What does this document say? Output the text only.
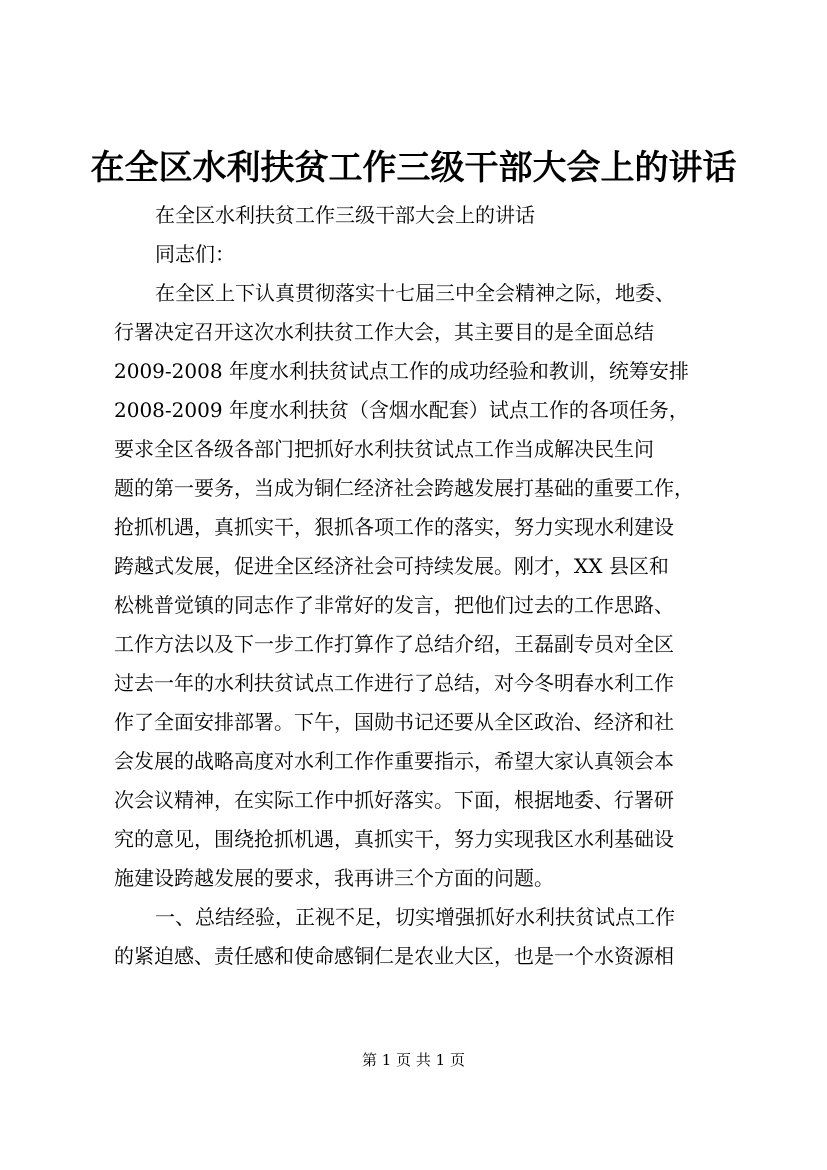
在全区水利扶贫工作三级干部大会上的讲话
在全区水利扶贫工作三级干部大会上的讲话
同志们：
在全区上下认真贯彻落实十七届三中全会精神之际，地委、
行署决定召开这次水利扶贫工作大会，其主要目的是全面总结
2009-2008 年度水利扶贫试点工作的成功经验和教训，统筹安排
2008-2009 年度水利扶贫（含烟水配套）试点工作的各项任务，
要求全区各级各部门把抓好水利扶贫试点工作当成解决民生问
题的第一要务，当成为铜仁经济社会跨越发展打基础的重要工作，
抢抓机遇，真抓实干，狠抓各项工作的落实，努力实现水利建设
跨越式发展，促进全区经济社会可持续发展。刚才，XX 县区和
松桃普觉镇的同志作了非常好的发言，把他们过去的工作思路、
工作方法以及下一步工作打算作了总结介绍，王磊副专员对全区
过去一年的水利扶贫试点工作进行了总结，对今冬明春水利工作
作了全面安排部署。下午，国勋书记还要从全区政治、经济和社
会发展的战略高度对水利工作作重要指示，希望大家认真领会本
次会议精神，在实际工作中抓好落实。下面，根据地委、行署研
究的意见，围绕抢抓机遇，真抓实干，努力实现我区水利基础设
施建设跨越发展的要求，我再讲三个方面的问题。
一、总结经验，正视不足，切实增强抓好水利扶贫试点工作
的紧迫感、责任感和使命感铜仁是农业大区，也是一个水资源相
第 1 页 共 1 页
